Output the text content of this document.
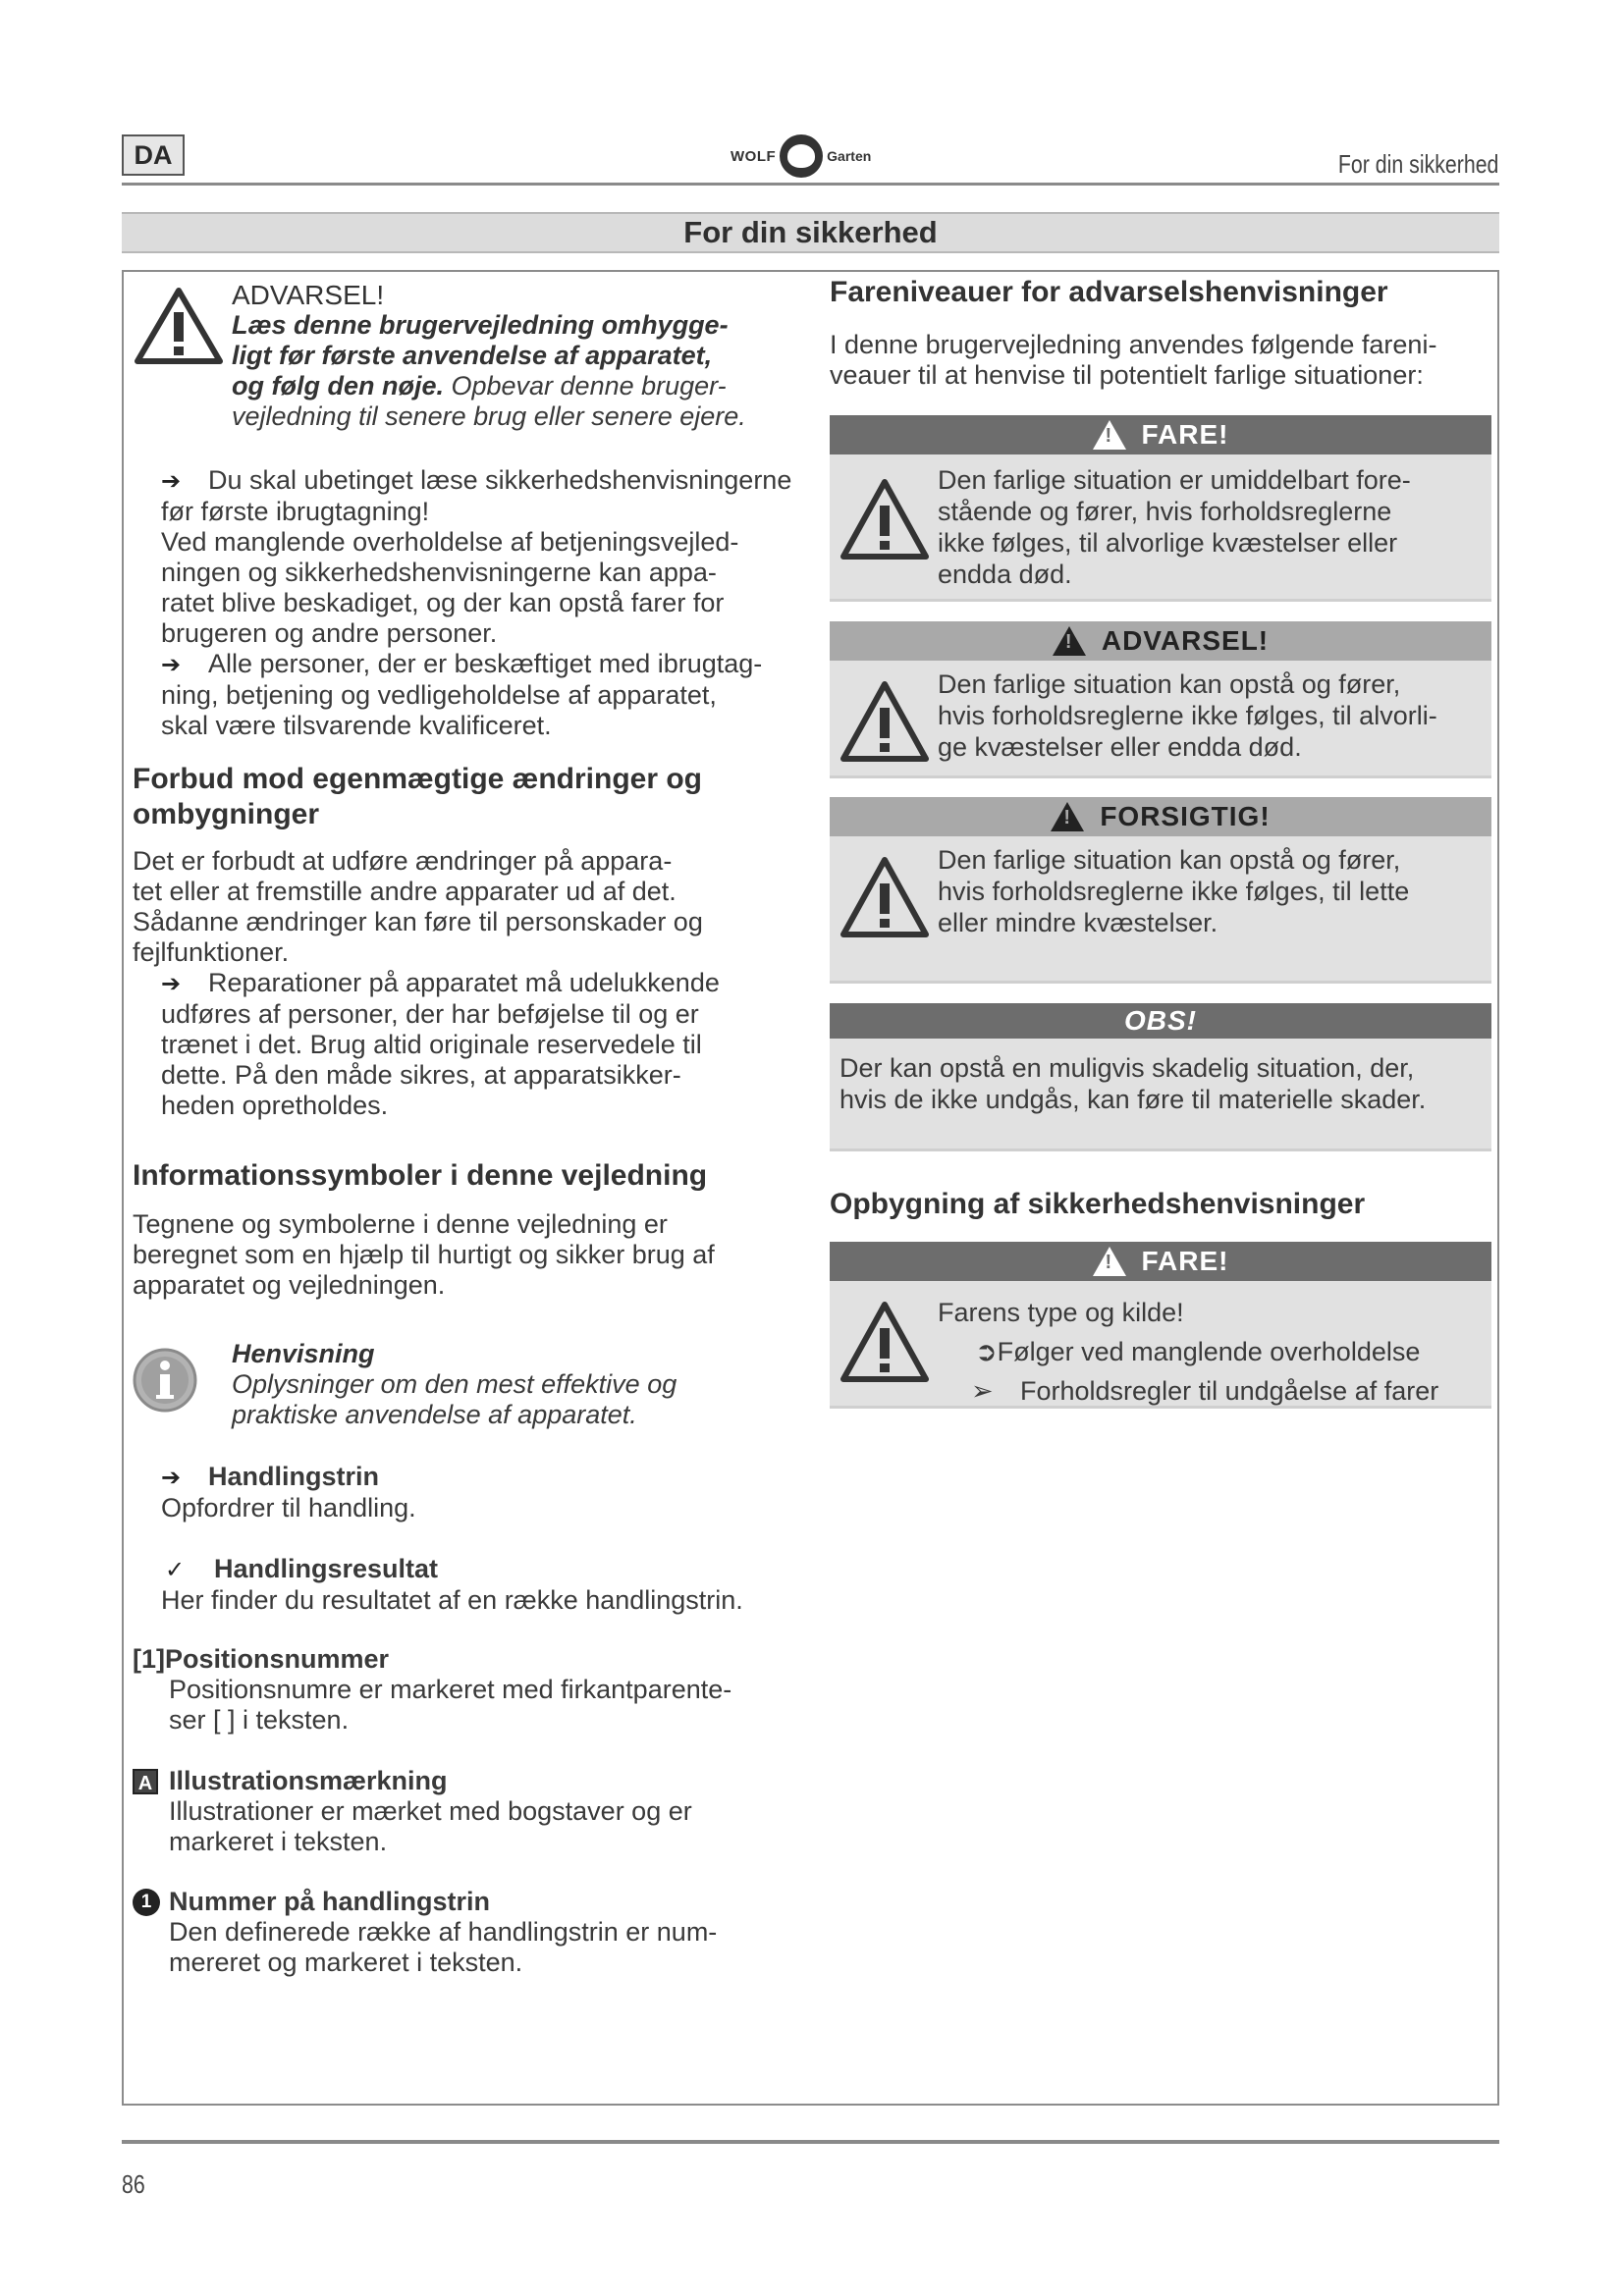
DA	WOLF	Garten	For din sikkerhed
For din sikkerhed
ADVARSEL!
Læs denne brugervejledning omhygge-
ligt før første anvendelse af apparatet,
og følg den nøje. Opbevar denne bruger-
vejledning til senere brug eller senere ejere.
➔ Du skal ubetinget læse sikkerhedshenvisningerne
før første ibrugtagning!
Ved manglende overholdelse af betjeningsvejled-
ningen og sikkerhedshenvisningerne kan appa-
ratet blive beskadiget, og der kan opstå farer for
brugeren og andre personer.
➔ Alle personer, der er beskæftiget med ibrugtag-
ning, betjening og vedligeholdelse af apparatet,
skal være tilsvarende kvalificeret.
Forbud mod egenmægtige ændringer og
ombygninger
Det er forbudt at udføre ændringer på appara-
tet eller at fremstille andre apparater ud af det.
Sådanne ændringer kan føre til personskader og
fejlfunktioner.
➔ Reparationer på apparatet må udelukkende
udføres af personer, der har beføjelse til og er
trænet i det. Brug altid originale reservedele til
dette. På den måde sikres, at apparatsikker-
heden opretholdes.
Informationssymboler i denne vejledning
Tegnene og symbolerne i denne vejledning er
beregnet som en hjælp til hurtigt og sikker brug af
apparatet og vejledningen.
Henvisning
Oplysninger om den mest effektive og
praktiske anvendelse af apparatet.
➔ Handlingstrin
Opfordrer til handling.
✓ Handlingsresultat
Her finder du resultatet af en række handlingstrin.
[1]Positionsnummer
Positionsnumre er markeret med firkantparente-
ser [ ] i teksten.
A Illustrationsmærkning
Illustrationer er mærket med bogstaver og er
markeret i teksten.
1 Nummer på handlingstrin
Den definerede række af handlingstrin er num-
mereret og markeret i teksten.
Fareniveauer for advarselshenvisninger
I denne brugervejledning anvendes følgende fareni-
veauer til at henvise til potentielt farlige situationer:
!
FARE!
Den farlige situation er umiddelbart fore-
stående og fører, hvis forholdsreglerne
ikke følges, til alvorlige kvæstelser eller
endda død.
!
ADVARSEL!
Den farlige situation kan opstå og fører,
hvis forholdsreglerne ikke følges, til alvorli-
ge kvæstelser eller endda død.
!
FORSIGTIG!
Den farlige situation kan opstå og fører,
hvis forholdsreglerne ikke følges, til lette
eller mindre kvæstelser.
OBS!
Der kan opstå en muligvis skadelig situation, der,
hvis de ikke undgås, kan føre til materielle skader.
Opbygning af sikkerhedshenvisninger
!
FARE!
Farens type og kilde!
➲Følger ved manglende overholdelse
➢ Forholdsregler til undgåelse af farer
86
